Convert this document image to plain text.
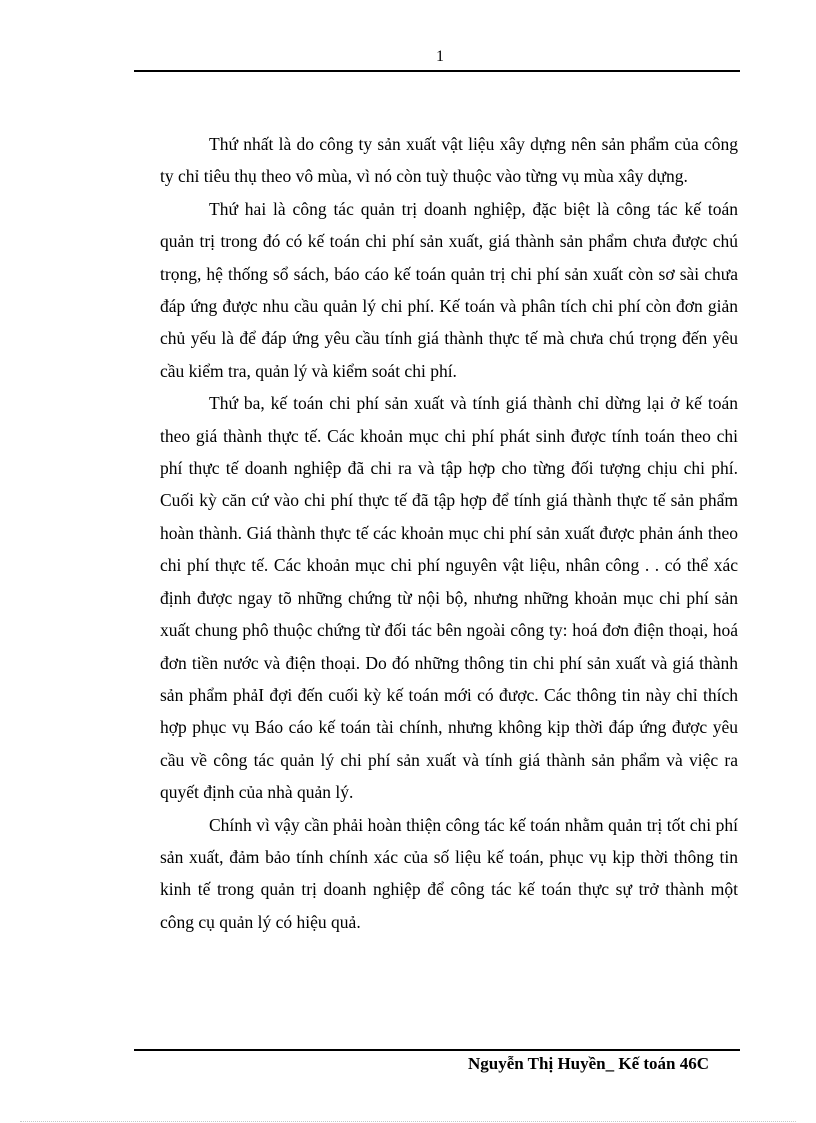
1

Thứ nhất là do công ty sản xuất vật liệu xây dựng nên sản phẩm của công ty chỉ tiêu thụ theo vô mùa, vì nó còn tuỳ thuộc vào từng vụ mùa xây dựng.

Thứ hai là công tác quản trị doanh nghiệp, đặc biệt là công tác kế toán quản trị trong đó có kế toán chi phí sản xuất, giá thành sản phẩm chưa được chú trọng, hệ thống sổ sách, báo cáo kế toán quản trị chi phí sản xuất còn sơ sài chưa đáp ứng được nhu cầu quản lý chi phí. Kế toán và phân tích chi phí còn đơn giản chủ yếu là để đáp ứng yêu cầu tính giá thành thực tế mà chưa chú trọng đến yêu cầu kiểm tra, quản lý và kiểm soát chi phí.

Thứ ba, kế toán chi phí sản xuất và tính giá thành chỉ dừng lại ở kế toán theo giá thành thực tế. Các khoản mục chi phí phát sinh được tính toán theo chi phí thực tế doanh nghiệp đã chi ra và tập hợp cho từng đối tượng chịu chi phí. Cuối kỳ căn cứ vào chi phí thực tế đã tập hợp để tính giá thành thực tế sản phẩm hoàn thành. Giá thành thực tế các khoản mục chi phí sản xuất được phản ánh theo chi phí thực tế. Các khoản mục chi phí nguyên vật liệu, nhân công . . có thể xác định được ngay tõ những chứng từ nội bộ, nhưng những khoản mục chi phí sản xuất chung phô thuộc chứng từ đối tác bên ngoài công ty: hoá đơn điện thoại, hoá đơn tiền nước và điện thoại. Do đó những thông tin chi phí sản xuất và giá thành sản phẩm phảI đợi đến cuối kỳ kế toán mới có được. Các thông tin này chỉ thích hợp phục vụ Báo cáo kế toán tài chính, nhưng không kịp thời đáp ứng được yêu cầu về công tác quản lý chi phí sản xuất và tính giá thành sản phẩm và việc ra quyết định của nhà quản lý.

Chính vì vậy cần phải hoàn thiện công tác kế toán nhằm quản trị tốt chi phí sản xuất, đảm bảo tính chính xác của số liệu kế toán, phục vụ kịp thời thông tin kinh tế trong quản trị doanh nghiệp để công tác kế toán thực sự trở thành một công cụ quản lý có hiệu quả.

Nguyễn Thị Huyền_ Kế toán 46C
